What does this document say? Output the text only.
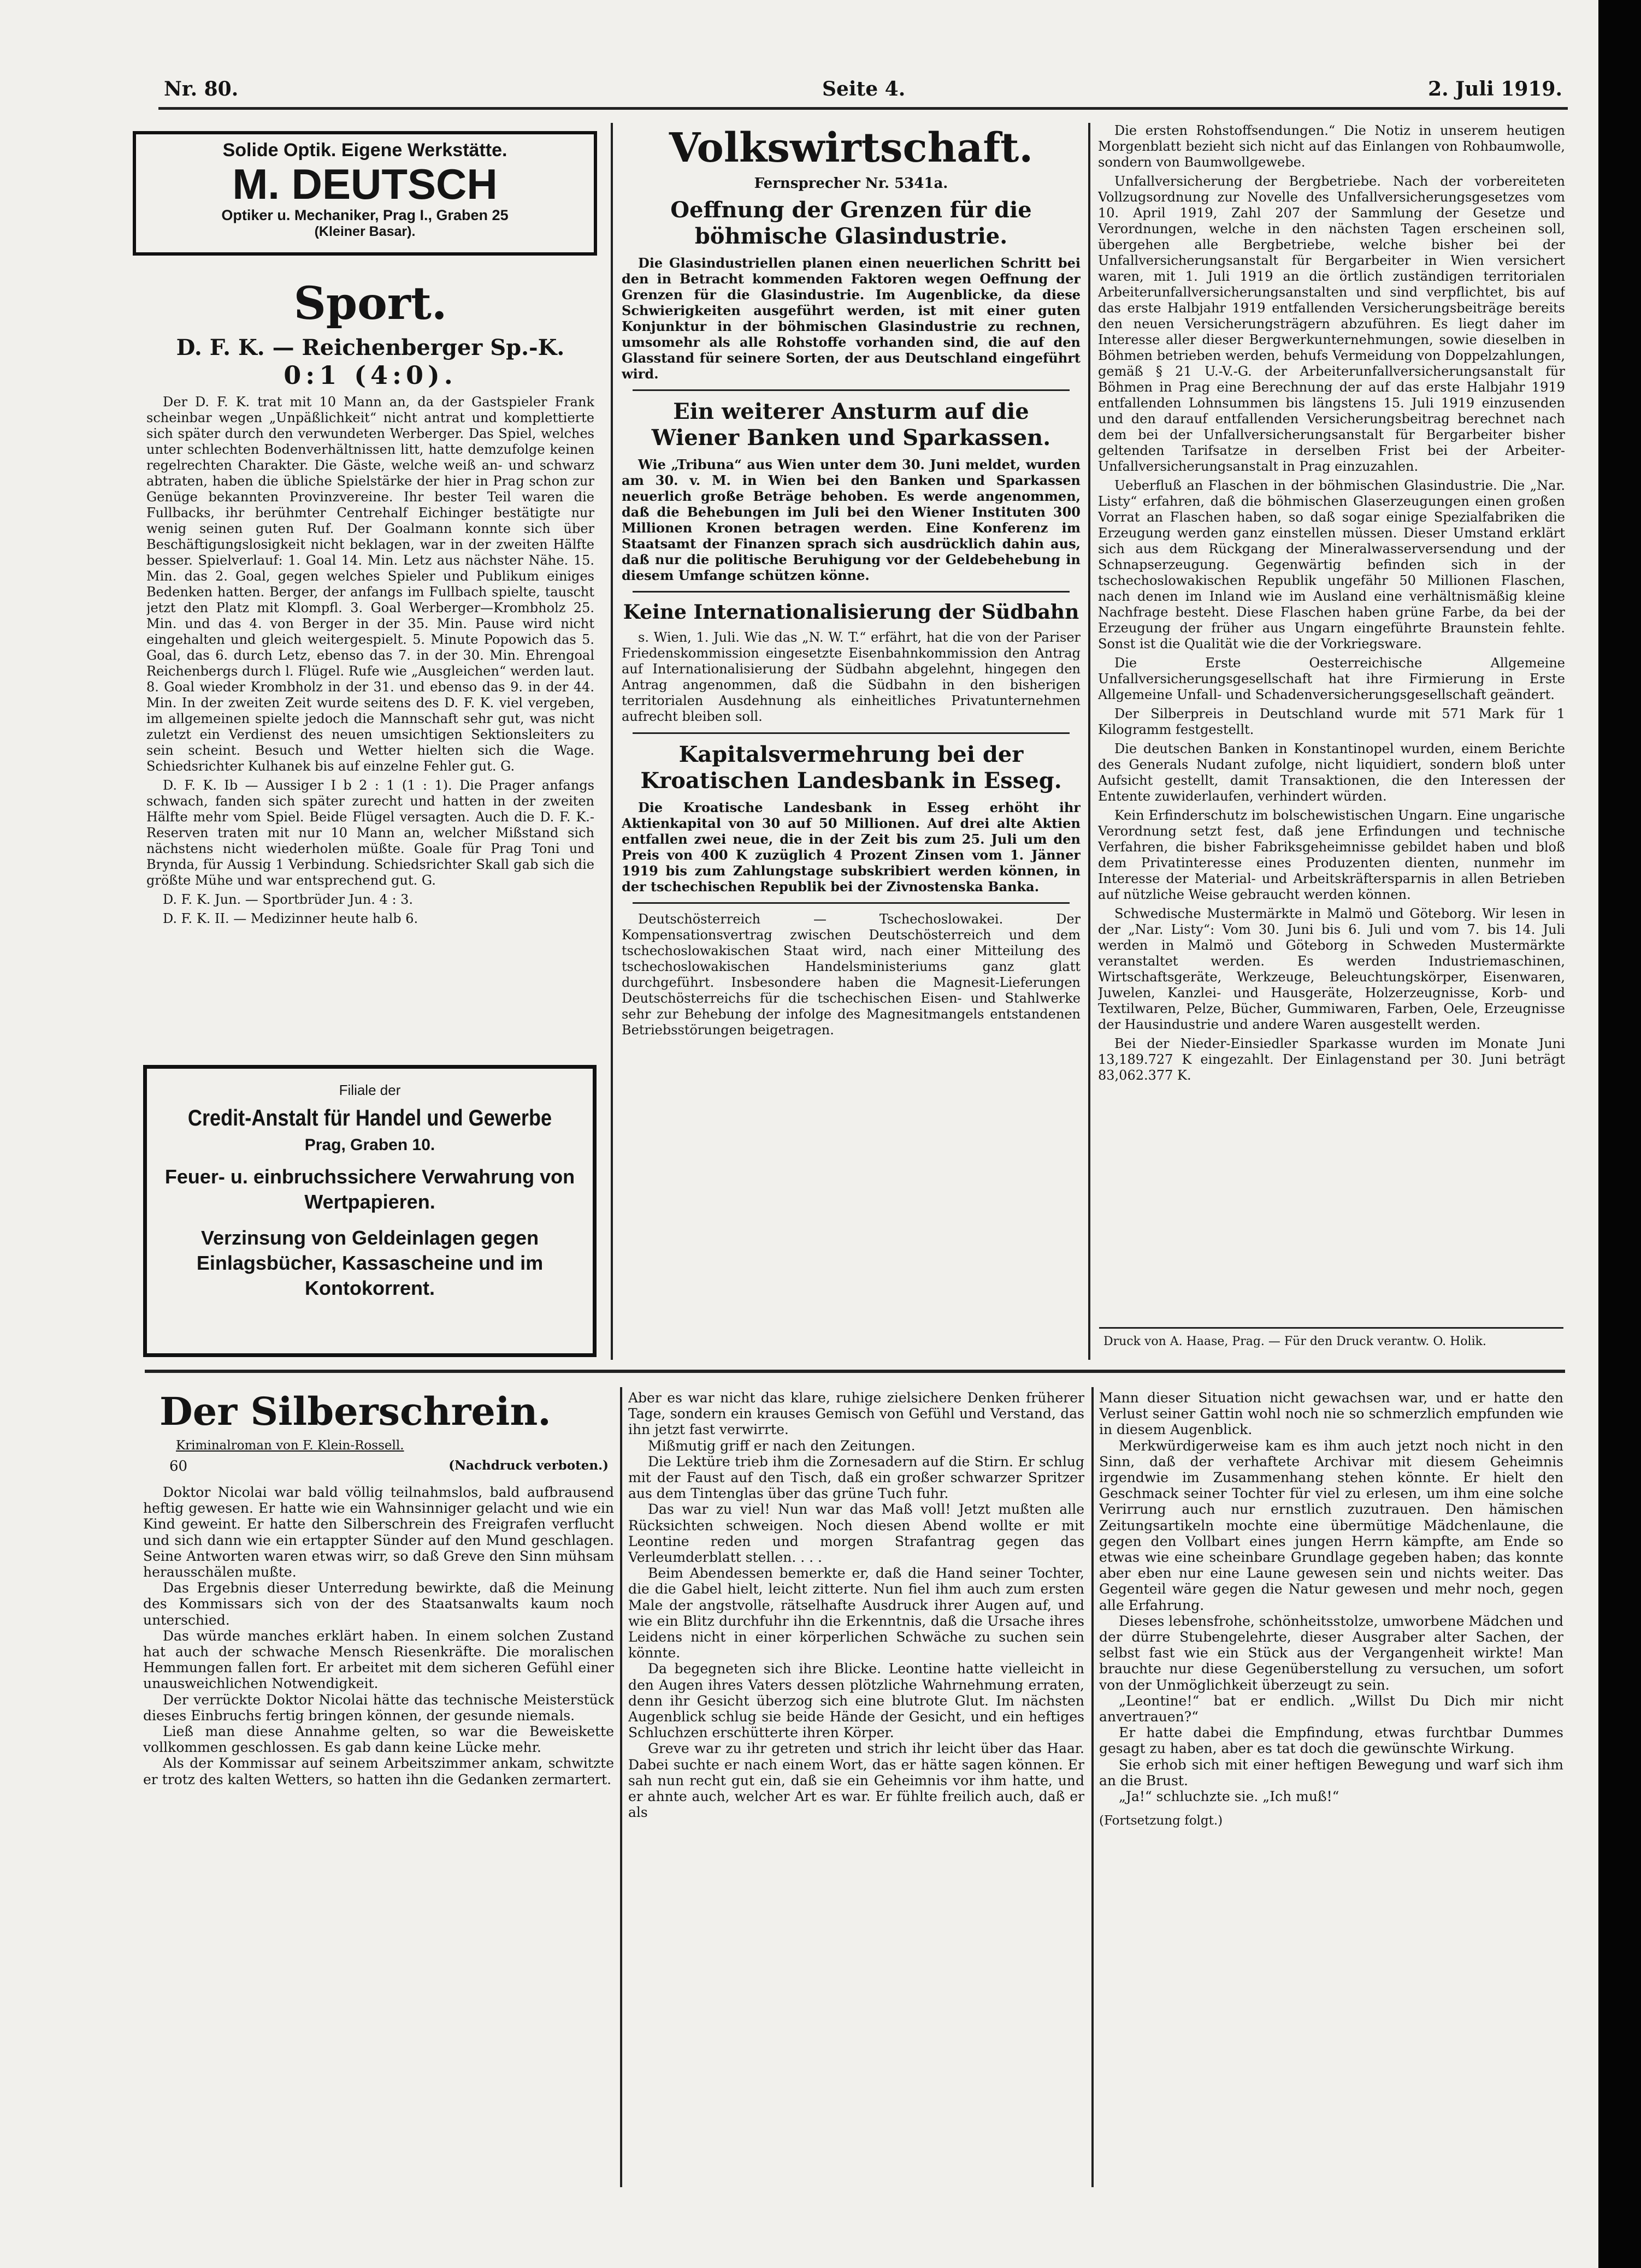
Nr. 80.	Seite 4.	2. Juli 1919.
Solide Optik. Eigene Werkstätte.
M. DEUTSCH
Optiker u. Mechaniker, Prag I., Graben 25
(Kleiner Basar).
Sport.
D. F. K. — Reichenberger Sp.-K.
0:1 (4:0).

Der D. F. K. trat mit 10 Mann an, da der Gastspieler Frank scheinbar wegen „Unpäßlichkeit“ nicht antrat und komplettierte sich später durch den verwundeten Werberger. Das Spiel, welches unter schlechten Bodenverhältnissen litt, hatte demzufolge keinen regelrechten Charakter. Die Gäste, welche weiß an- und schwarz abtraten, haben die übliche Spielstärke der hier in Prag schon zur Genüge bekannten Provinzvereine. Ihr bester Teil waren die Fullbacks, ihr berühmter Centrehalf Eichinger bestätigte nur wenig seinen guten Ruf. Der Goalmann konnte sich über Beschäftigungslosigkeit nicht beklagen, war in der zweiten Hälfte besser. Spielverlauf: 1. Goal 14. Min. Letz aus nächster Nähe. 15. Min. das 2. Goal, gegen welches Spieler und Publikum einiges Bedenken hatten. Berger, der anfangs im Fullbach spielte, tauscht jetzt den Platz mit Klompfl. 3. Goal Werberger—Krombholz 25. Min. und das 4. von Berger in der 35. Min. Pause wird nicht eingehalten und gleich weitergespielt. 5. Minute Popowich das 5. Goal, das 6. durch Letz, ebenso das 7. in der 30. Min. Ehrengoal Reichenbergs durch l. Flügel. Rufe wie „Ausgleichen“ werden laut. 8. Goal wieder Krombholz in der 31. und ebenso das 9. in der 44. Min. In der zweiten Zeit wurde seitens des D. F. K. viel vergeben, im allgemeinen spielte jedoch die Mannschaft sehr gut, was nicht zuletzt ein Verdienst des neuen umsichtigen Sektionsleiters zu sein scheint. Besuch und Wetter hielten sich die Wage. Schiedsrichter Kulhanek bis auf einzelne Fehler gut. G.

D. F. K. Ib — Aussiger I b 2 : 1 (1 : 1). Die Prager anfangs schwach, fanden sich später zurecht und hatten in der zweiten Hälfte mehr vom Spiel. Beide Flügel versagten. Auch die D. F. K.-Reserven traten mit nur 10 Mann an, welcher Mißstand sich nächstens nicht wiederholen müßte. Goale für Prag Toni und Brynda, für Aussig 1 Verbindung. Schiedsrichter Skall gab sich die größte Mühe und war entsprechend gut. G.

D. F. K. Jun. — Sportbrüder Jun. 4 : 3.

D. F. K. II. — Medizinner heute halb 6.

Filiale der
Credit-Anstalt für Handel und Gewerbe
Prag, Graben 10.
Feuer- u. einbruchssichere Verwahrung von Wertpapieren.
Verzinsung von Geldeinlagen gegen Einlagsbücher, Kassascheine und im Kontokorrent.
Volkswirtschaft.
Fernsprecher Nr. 5341a.
Oeffnung der Grenzen für die böhmische Glasindustrie.

Die Glasindustriellen planen einen neuerlichen Schritt bei den in Betracht kommenden Faktoren wegen Oeffnung der Grenzen für die Glasindustrie. Im Augenblicke, da diese Schwierigkeiten ausgeführt werden, ist mit einer guten Konjunktur in der böhmischen Glasindustrie zu rechnen, umsomehr als alle Rohstoffe vorhanden sind, die auf den Glasstand für seinere Sorten, der aus Deutschland eingeführt wird.

Ein weiterer Ansturm auf die Wiener Banken und Sparkassen.

Wie „Tribuna“ aus Wien unter dem 30. Juni meldet, wurden am 30. v. M. in Wien bei den Banken und Sparkassen neuerlich große Beträge behoben. Es werde angenommen, daß die Behebungen im Juli bei den Wiener Instituten 300 Millionen Kronen betragen werden. Eine Konferenz im Staatsamt der Finanzen sprach sich ausdrücklich dahin aus, daß nur die politische Beruhigung vor der Geldebehebung in diesem Umfange schützen könne.

Keine Internationalisierung der Südbahn

s. Wien, 1. Juli. Wie das „N. W. T.“ erfährt, hat die von der Pariser Friedenskommission eingesetzte Eisenbahnkommission den Antrag auf Internationalisierung der Südbahn abgelehnt, hingegen den Antrag angenommen, daß die Südbahn in den bisherigen territorialen Ausdehnung als einheitliches Privatunternehmen aufrecht bleiben soll.

Kapitalsvermehrung bei der Kroatischen Landesbank in Esseg.

Die Kroatische Landesbank in Esseg erhöht ihr Aktienkapital von 30 auf 50 Millionen. Auf drei alte Aktien entfallen zwei neue, die in der Zeit bis zum 25. Juli um den Preis von 400 K zuzüglich 4 Prozent Zinsen vom 1. Jänner 1919 bis zum Zahlungstage subskribiert werden können, in der tschechischen Republik bei der Zivnostenska Banka.

Deutschösterreich — Tschechoslowakei. Der Kompensationsvertrag zwischen Deutschösterreich und dem tschechoslowakischen Staat wird, nach einer Mitteilung des tschechoslowakischen Handelsministeriums ganz glatt durchgeführt. Insbesondere haben die Magnesit-Lieferungen Deutschösterreichs für die tschechischen Eisen- und Stahlwerke sehr zur Behebung der infolge des Magnesitmangels entstandenen Betriebsstörungen beigetragen.

Die ersten Rohstoffsendungen.“ Die Notiz in unserem heutigen Morgenblatt bezieht sich nicht auf das Einlangen von Rohbaumwolle, sondern von Baumwollgewebe.

Unfallversicherung der Bergbetriebe. Nach der vorbereiteten Vollzugsordnung zur Novelle des Unfallversicherungsgesetzes vom 10. April 1919, Zahl 207 der Sammlung der Gesetze und Verordnungen, welche in den nächsten Tagen erscheinen soll, übergehen alle Bergbetriebe, welche bisher bei der Unfallversicherungsanstalt für Bergarbeiter in Wien versichert waren, mit 1. Juli 1919 an die örtlich zuständigen territorialen Arbeiterunfallversicherungsanstalten und sind verpflichtet, bis auf das erste Halbjahr 1919 entfallenden Versicherungsbeiträge bereits den neuen Versicherungsträgern abzuführen. Es liegt daher im Interesse aller dieser Bergwerkunternehmungen, sowie dieselben in Böhmen betrieben werden, behufs Vermeidung von Doppelzahlungen, gemäß § 21 U.-V.-G. der Arbeiterunfallversicherungsanstalt für Böhmen in Prag eine Berechnung der auf das erste Halbjahr 1919 entfallenden Lohnsummen bis längstens 15. Juli 1919 einzusenden und den darauf entfallenden Versicherungsbeitrag berechnet nach dem bei der Unfallversicherungsanstalt für Bergarbeiter bisher geltenden Tarifsatze in derselben Frist bei der Arbeiter-Unfallversicherungsanstalt in Prag einzuzahlen.

Ueberfluß an Flaschen in der böhmischen Glasindustrie. Die „Nar. Listy“ erfahren, daß die böhmischen Glaserzeugungen einen großen Vorrat an Flaschen haben, so daß sogar einige Spezialfabriken die Erzeugung werden ganz einstellen müssen. Dieser Umstand erklärt sich aus dem Rückgang der Mineralwasserversendung und der Schnapserzeugung. Gegenwärtig befinden sich in der tschechoslowakischen Republik ungefähr 50 Millionen Flaschen, nach denen im Inland wie im Ausland eine verhältnismäßig kleine Nachfrage besteht. Diese Flaschen haben grüne Farbe, da bei der Erzeugung der früher aus Ungarn eingeführte Braunstein fehlte. Sonst ist die Qualität wie die der Vorkriegsware.

Die Erste Oesterreichische Allgemeine Unfallversicherungsgesellschaft hat ihre Firmierung in Erste Allgemeine Unfall- und Schadenversicherungsgesellschaft geändert.

Der Silberpreis in Deutschland wurde mit 571 Mark für 1 Kilogramm festgestellt.

Die deutschen Banken in Konstantinopel wurden, einem Berichte des Generals Nudant zufolge, nicht liquidiert, sondern bloß unter Aufsicht gestellt, damit Transaktionen, die den Interessen der Entente zuwiderlaufen, verhindert würden.

Kein Erfinderschutz im bolschewistischen Ungarn. Eine ungarische Verordnung setzt fest, daß jene Erfindungen und technische Verfahren, die bisher Fabriksgeheimnisse gebildet haben und bloß dem Privatinteresse eines Produzenten dienten, nunmehr im Interesse der Material- und Arbeitskräftersparnis in allen Betrieben auf nützliche Weise gebraucht werden können.

Schwedische Mustermärkte in Malmö und Göteborg. Wir lesen in der „Nar. Listy“: Vom 30. Juni bis 6. Juli und vom 7. bis 14. Juli werden in Malmö und Göteborg in Schweden Mustermärkte veranstaltet werden. Es werden Industriemaschinen, Wirtschaftsgeräte, Werkzeuge, Beleuchtungskörper, Eisenwaren, Juwelen, Kanzlei- und Hausgeräte, Holzerzeugnisse, Korb- und Textilwaren, Pelze, Bücher, Gummiwaren, Farben, Oele, Erzeugnisse der Hausindustrie und andere Waren ausgestellt werden.

Bei der Nieder-Einsiedler Sparkasse wurden im Monate Juni 13,189.727 K eingezahlt. Der Einlagenstand per 30. Juni beträgt 83,062.377 K.

Druck von A. Haase, Prag. — Für den Druck verantw. O. Holik.
Der Silberschrein.
Kriminalroman von F. Klein-Rossell.
60	(Nachdruck verboten.)

Doktor Nicolai war bald völlig teilnahmslos, bald aufbrausend heftig gewesen. Er hatte wie ein Wahnsinniger gelacht und wie ein Kind geweint. Er hatte den Silberschrein des Freigrafen verflucht und sich dann wie ein ertappter Sünder auf den Mund geschlagen. Seine Antworten waren etwas wirr, so daß Greve den Sinn mühsam herausschälen mußte.

Das Ergebnis dieser Unterredung bewirkte, daß die Meinung des Kommissars sich von der des Staatsanwalts kaum noch unterschied.

Das würde manches erklärt haben. In einem solchen Zustand hat auch der schwache Mensch Riesenkräfte. Die moralischen Hemmungen fallen fort. Er arbeitet mit dem sicheren Gefühl einer unausweichlichen Notwendigkeit.

Der verrückte Doktor Nicolai hätte das technische Meisterstück dieses Einbruchs fertig bringen können, der gesunde niemals.

Ließ man diese Annahme gelten, so war die Beweiskette vollkommen geschlossen. Es gab dann keine Lücke mehr.

Als der Kommissar auf seinem Arbeitszimmer ankam, schwitzte er trotz des kalten Wetters, so hatten ihn die Gedanken zermartert.

Aber es war nicht das klare, ruhige zielsichere Denken früherer Tage, sondern ein krauses Gemisch von Gefühl und Verstand, das ihn jetzt fast verwirrte.

Mißmutig griff er nach den Zeitungen.

Die Lektüre trieb ihm die Zornesadern auf die Stirn. Er schlug mit der Faust auf den Tisch, daß ein großer schwarzer Spritzer aus dem Tintenglas über das grüne Tuch fuhr.

Das war zu viel! Nun war das Maß voll! Jetzt mußten alle Rücksichten schweigen. Noch diesen Abend wollte er mit Leontine reden und morgen Strafantrag gegen das Verleumderblatt stellen. . . .

Beim Abendessen bemerkte er, daß die Hand seiner Tochter, die die Gabel hielt, leicht zitterte. Nun fiel ihm auch zum ersten Male der angstvolle, rätselhafte Ausdruck ihrer Augen auf, und wie ein Blitz durchfuhr ihn die Erkenntnis, daß die Ursache ihres Leidens nicht in einer körperlichen Schwäche zu suchen sein könnte.

Da begegneten sich ihre Blicke. Leontine hatte vielleicht in den Augen ihres Vaters dessen plötzliche Wahrnehmung erraten, denn ihr Gesicht überzog sich eine blutrote Glut. Im nächsten Augenblick schlug sie beide Hände der Gesicht, und ein heftiges Schluchzen erschütterte ihren Körper.

Greve war zu ihr getreten und strich ihr leicht über das Haar. Dabei suchte er nach einem Wort, das er hätte sagen können. Er sah nun recht gut ein, daß sie ein Geheimnis vor ihm hatte, und er ahnte auch, welcher Art es war. Er fühlte freilich auch, daß er als

Mann dieser Situation nicht gewachsen war, und er hatte den Verlust seiner Gattin wohl noch nie so schmerzlich empfunden wie in diesem Augenblick.

Merkwürdigerweise kam es ihm auch jetzt noch nicht in den Sinn, daß der verhaftete Archivar mit diesem Geheimnis irgendwie im Zusammenhang stehen könnte. Er hielt den Geschmack seiner Tochter für viel zu erlesen, um ihm eine solche Verirrung auch nur ernstlich zuzutrauen. Den hämischen Zeitungsartikeln mochte eine übermütige Mädchenlaune, die gegen den Vollbart eines jungen Herrn kämpfte, am Ende so etwas wie eine scheinbare Grundlage gegeben haben; das konnte aber eben nur eine Laune gewesen sein und nichts weiter. Das Gegenteil wäre gegen die Natur gewesen und mehr noch, gegen alle Erfahrung.

Dieses lebensfrohe, schönheitsstolze, umworbene Mädchen und der dürre Stubengelehrte, dieser Ausgraber alter Sachen, der selbst fast wie ein Stück aus der Vergangenheit wirkte! Man brauchte nur diese Gegenüberstellung zu versuchen, um sofort von der Unmöglichkeit überzeugt zu sein.

„Leontine!“ bat er endlich. „Willst Du Dich mir nicht anvertrauen?“

Er hatte dabei die Empfindung, etwas furchtbar Dummes gesagt zu haben, aber es tat doch die gewünschte Wirkung.

Sie erhob sich mit einer heftigen Bewegung und warf sich ihm an die Brust.

„Ja!“ schluchzte sie. „Ich muß!“

(Fortsetzung folgt.)
